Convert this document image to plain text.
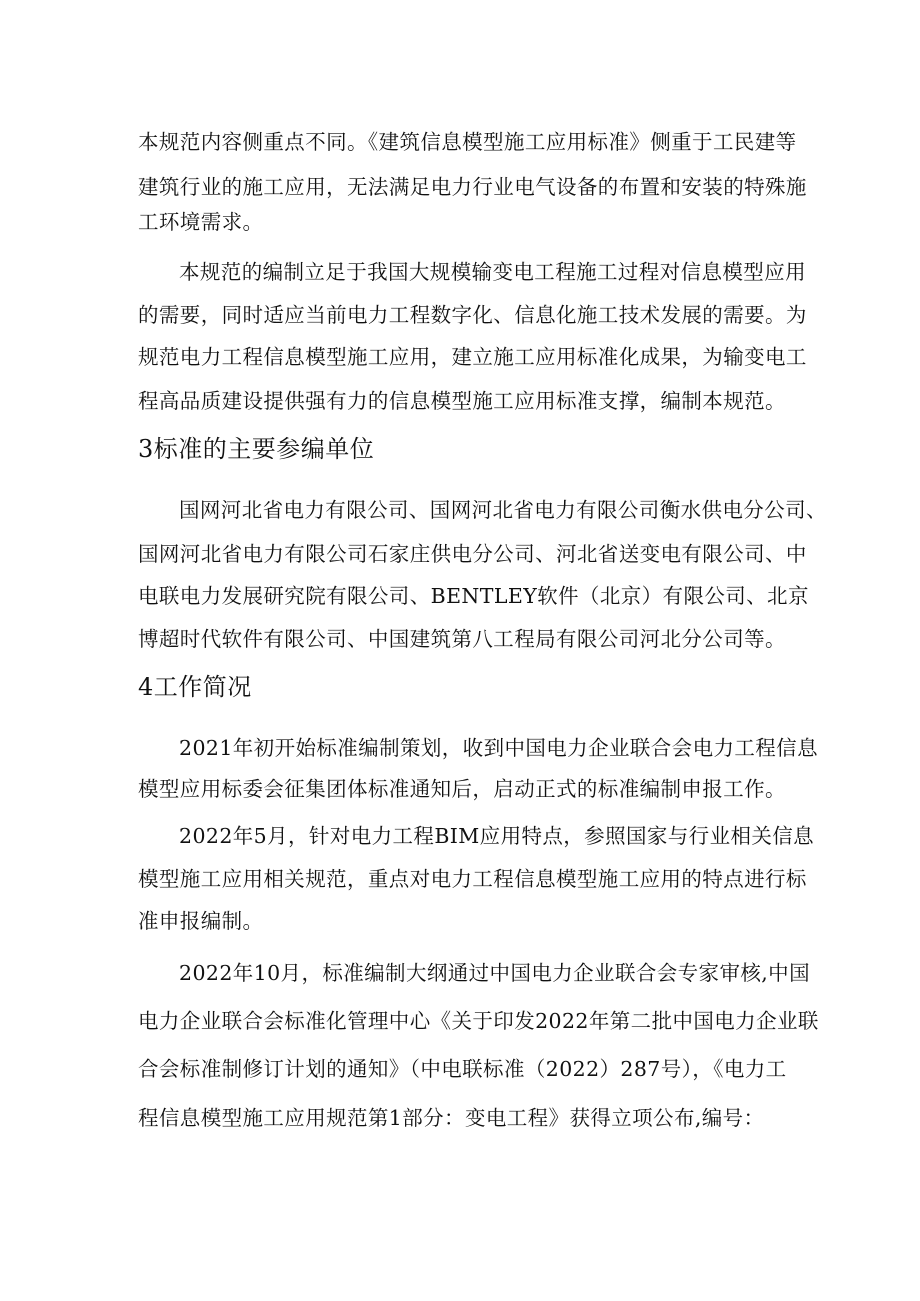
本规范内容侧重点不同。《建筑信息模型施工应用标准》侧重于工民建等
建筑行业的施工应用，无法满足电力行业电气设备的布置和安装的特殊施
工环境需求。
本规范的编制立足于我国大规模输变电工程施工过程对信息模型应用
的需要，同时适应当前电力工程数字化、信息化施工技术发展的需要。为
规范电力工程信息模型施工应用，建立施工应用标准化成果，为输变电工
程高品质建设提供强有力的信息模型施工应用标准支撑，编制本规范。
3标准的主要参编单位
国网河北省电力有限公司、国网河北省电力有限公司衡水供电分公司、
国网河北省电力有限公司石家庄供电分公司、河北省送变电有限公司、中
电联电力发展研究院有限公司、BENTLEY软件（北京）有限公司、北京
博超时代软件有限公司、中国建筑第八工程局有限公司河北分公司等。
4工作简况
2021年初开始标准编制策划，收到中国电力企业联合会电力工程信息
模型应用标委会征集团体标准通知后，启动正式的标准编制申报工作。
2022年5月，针对电力工程BIM应用特点，参照国家与行业相关信息
模型施工应用相关规范，重点对电力工程信息模型施工应用的特点进行标
准申报编制。
2022年10月，标准编制大纲通过中国电力企业联合会专家审核,中国
电力企业联合会标准化管理中心《关于印发2022年第二批中国电力企业联
合会标准制修订计划的通知》（中电联标准（2022）287号），《电力工
程信息模型施工应用规范第1部分：变电工程》获得立项公布,编号：
